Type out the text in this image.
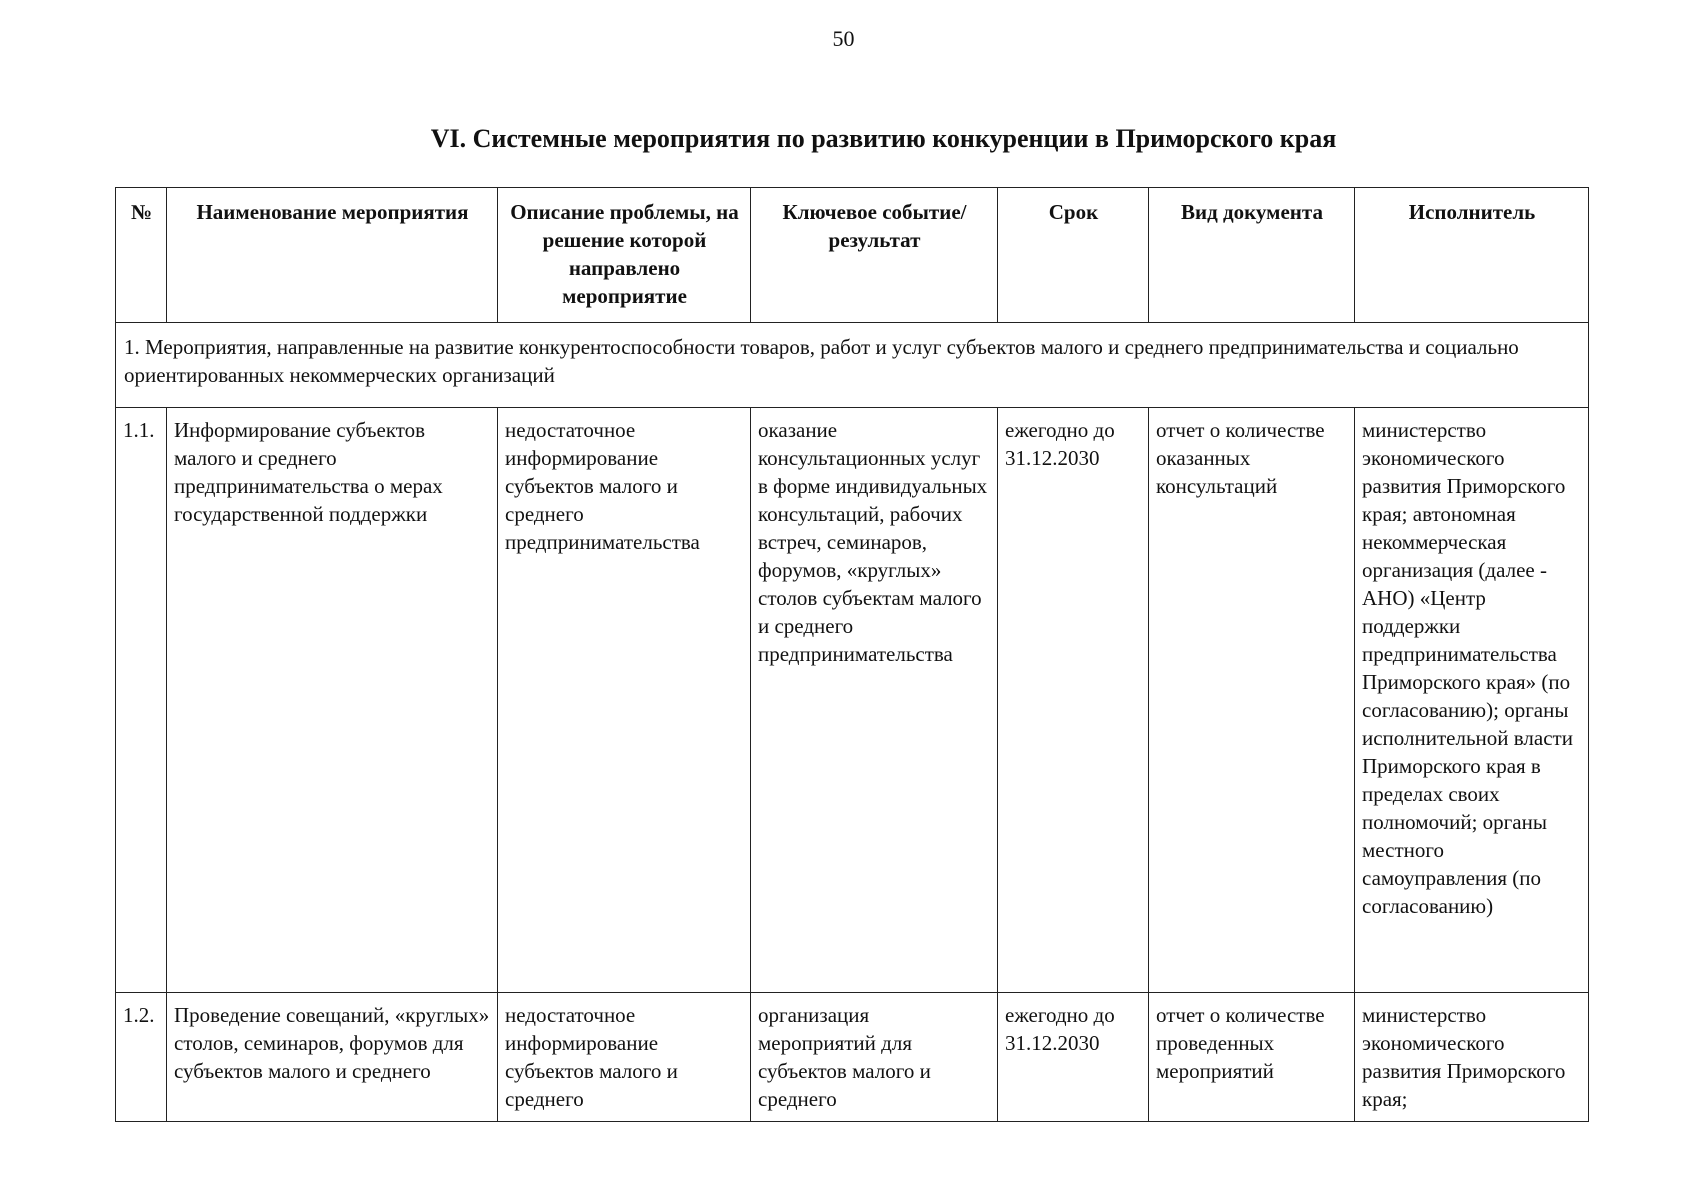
50
VI. Системные мероприятия по развитию конкуренции в Приморского края
№	Наименование мероприятия	Описание проблемы, на решение которой направлено мероприятие	Ключевое событие/результат	Срок	Вид документа	Исполнитель
1. Мероприятия, направленные на развитие конкурентоспособности товаров, работ и услуг субъектов малого и среднего предпринимательства и социально ориентированных некоммерческих организаций						
1.1.	Информирование субъектов малого и среднего предпринимательства о мерах государственной поддержки	недостаточное информирование субъектов малого и среднего предпринимательства	оказание консультационных услуг в форме индивидуальных консультаций, рабочих встреч, семинаров, форумов, «круглых» столов субъектам малого и среднего предпринимательства	ежегодно до 31.12.2030	отчет о количестве оказанных консультаций	министерство экономического развития Приморского края; автономная некоммерческая организация (далее - АНО) «Центр поддержки предпринимательства Приморского края» (по согласованию); органы исполнительной власти Приморского края в пределах своих полномочий; органы местного самоуправления (по согласованию)
1.2.	Проведение совещаний, «круглых» столов, семинаров, форумов для субъектов малого и среднего	недостаточное информирование субъектов малого и среднего	организация мероприятий для субъектов малого и среднего	ежегодно до 31.12.2030	отчет о количестве проведенных мероприятий	министерство экономического развития Приморского края;
